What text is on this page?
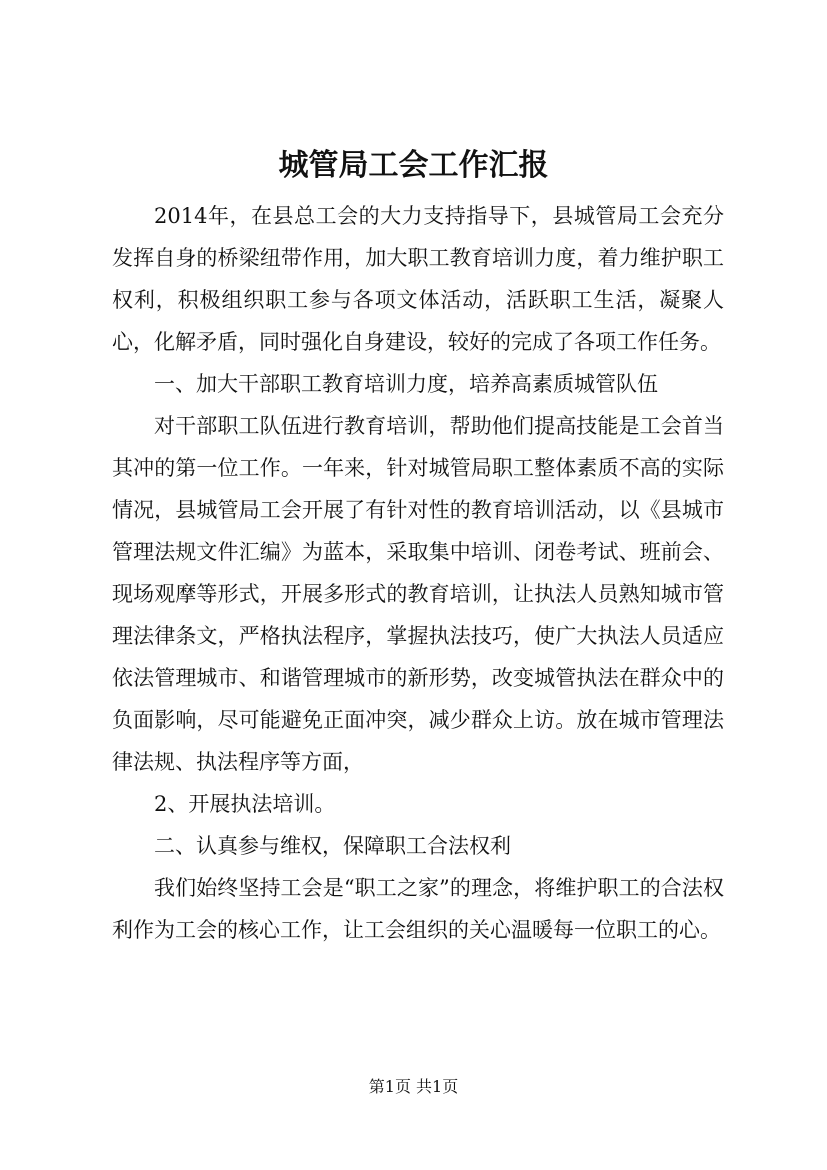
城管局工会工作汇报

2014年，在县总工会的大力支持指导下，县城管局工会充分发挥自身的桥梁纽带作用，加大职工教育培训力度，着力维护职工权利，积极组织职工参与各项文体活动，活跃职工生活，凝聚人心，化解矛盾，同时强化自身建设，较好的完成了各项工作任务。

一、加大干部职工教育培训力度，培养高素质城管队伍

对干部职工队伍进行教育培训，帮助他们提高技能是工会首当其冲的第一位工作。一年来，针对城管局职工整体素质不高的实际情况，县城管局工会开展了有针对性的教育培训活动，以《县城市管理法规文件汇编》为蓝本，采取集中培训、闭卷考试、班前会、现场观摩等形式，开展多形式的教育培训，让执法人员熟知城市管理法律条文，严格执法程序，掌握执法技巧，使广大执法人员适应依法管理城市、和谐管理城市的新形势，改变城管执法在群众中的负面影响，尽可能避免正面冲突，减少群众上访。放在城市管理法律法规、执法程序等方面，

2、开展执法培训。

二、认真参与维权，保障职工合法权利

我们始终坚持工会是“职工之家”的理念，将维护职工的合法权利作为工会的核心工作，让工会组织的关心温暖每一位职工的心。

第1页 共1页
